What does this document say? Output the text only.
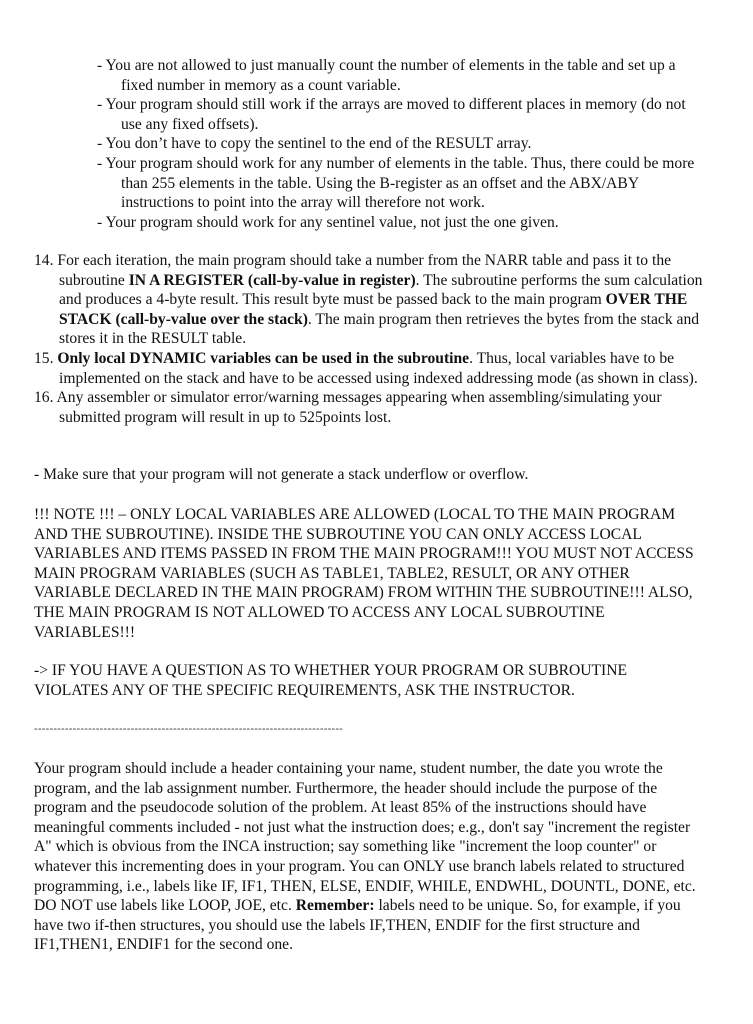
- You are not allowed to just manually count the number of elements in the table and set up a fixed number in memory as a count variable.

- Your program should still work if the arrays are moved to different places in memory (do not use any fixed offsets).

- You don’t have to copy the sentinel to the end of the RESULT array.

- Your program should work for any number of elements in the table. Thus, there could be more than 255 elements in the table. Using the B-register as an offset and the ABX/ABY instructions to point into the array will therefore not work.

- Your program should work for any sentinel value, not just the one given.

14. For each iteration, the main program should take a number from the NARR table and pass it to the subroutine IN A REGISTER (call-by-value in register). The subroutine performs the sum calculation and produces a 4-byte result. This result byte must be passed back to the main program OVER THE STACK (call-by-value over the stack). The main program then retrieves the bytes from the stack and stores it in the RESULT table.

15. Only local DYNAMIC variables can be used in the subroutine. Thus, local variables have to be implemented on the stack and have to be accessed using indexed addressing mode (as shown in class).

16. Any assembler or simulator error/warning messages appearing when assembling/simulating your submitted program will result in up to 525points lost.

- Make sure that your program will not generate a stack underflow or overflow.

!!! NOTE !!! – ONLY LOCAL VARIABLES ARE ALLOWED (LOCAL TO THE MAIN PROGRAM AND THE SUBROUTINE). INSIDE THE SUBROUTINE YOU CAN ONLY ACCESS LOCAL VARIABLES AND ITEMS PASSED IN FROM THE MAIN PROGRAM!!! YOU MUST NOT ACCESS MAIN PROGRAM VARIABLES (SUCH AS TABLE1, TABLE2, RESULT, OR ANY OTHER VARIABLE DECLARED IN THE MAIN PROGRAM) FROM WITHIN THE SUBROUTINE!!! ALSO, THE MAIN PROGRAM IS NOT ALLOWED TO ACCESS ANY LOCAL SUBROUTINE VARIABLES!!!

-> IF YOU HAVE A QUESTION AS TO WHETHER YOUR PROGRAM OR SUBROUTINE VIOLATES ANY OF THE SPECIFIC REQUIREMENTS, ASK THE INSTRUCTOR.

--------------------------------------------------------------------------------

Your program should include a header containing your name, student number, the date you wrote the program, and the lab assignment number. Furthermore, the header should include the purpose of the program and the pseudocode solution of the problem. At least 85% of the instructions should have meaningful comments included - not just what the instruction does; e.g., don't say "increment the register A" which is obvious from the INCA instruction; say something like "increment the loop counter" or whatever this incrementing does in your program. You can ONLY use branch labels related to structured programming, i.e., labels like IF, IF1, THEN, ELSE, ENDIF, WHILE, ENDWHL, DOUNTL, DONE, etc. DO NOT use labels like LOOP, JOE, etc. Remember: labels need to be unique. So, for example, if you have two if-then structures, you should use the labels IF,THEN, ENDIF for the first structure and IF1,THEN1, ENDIF1 for the second one.
